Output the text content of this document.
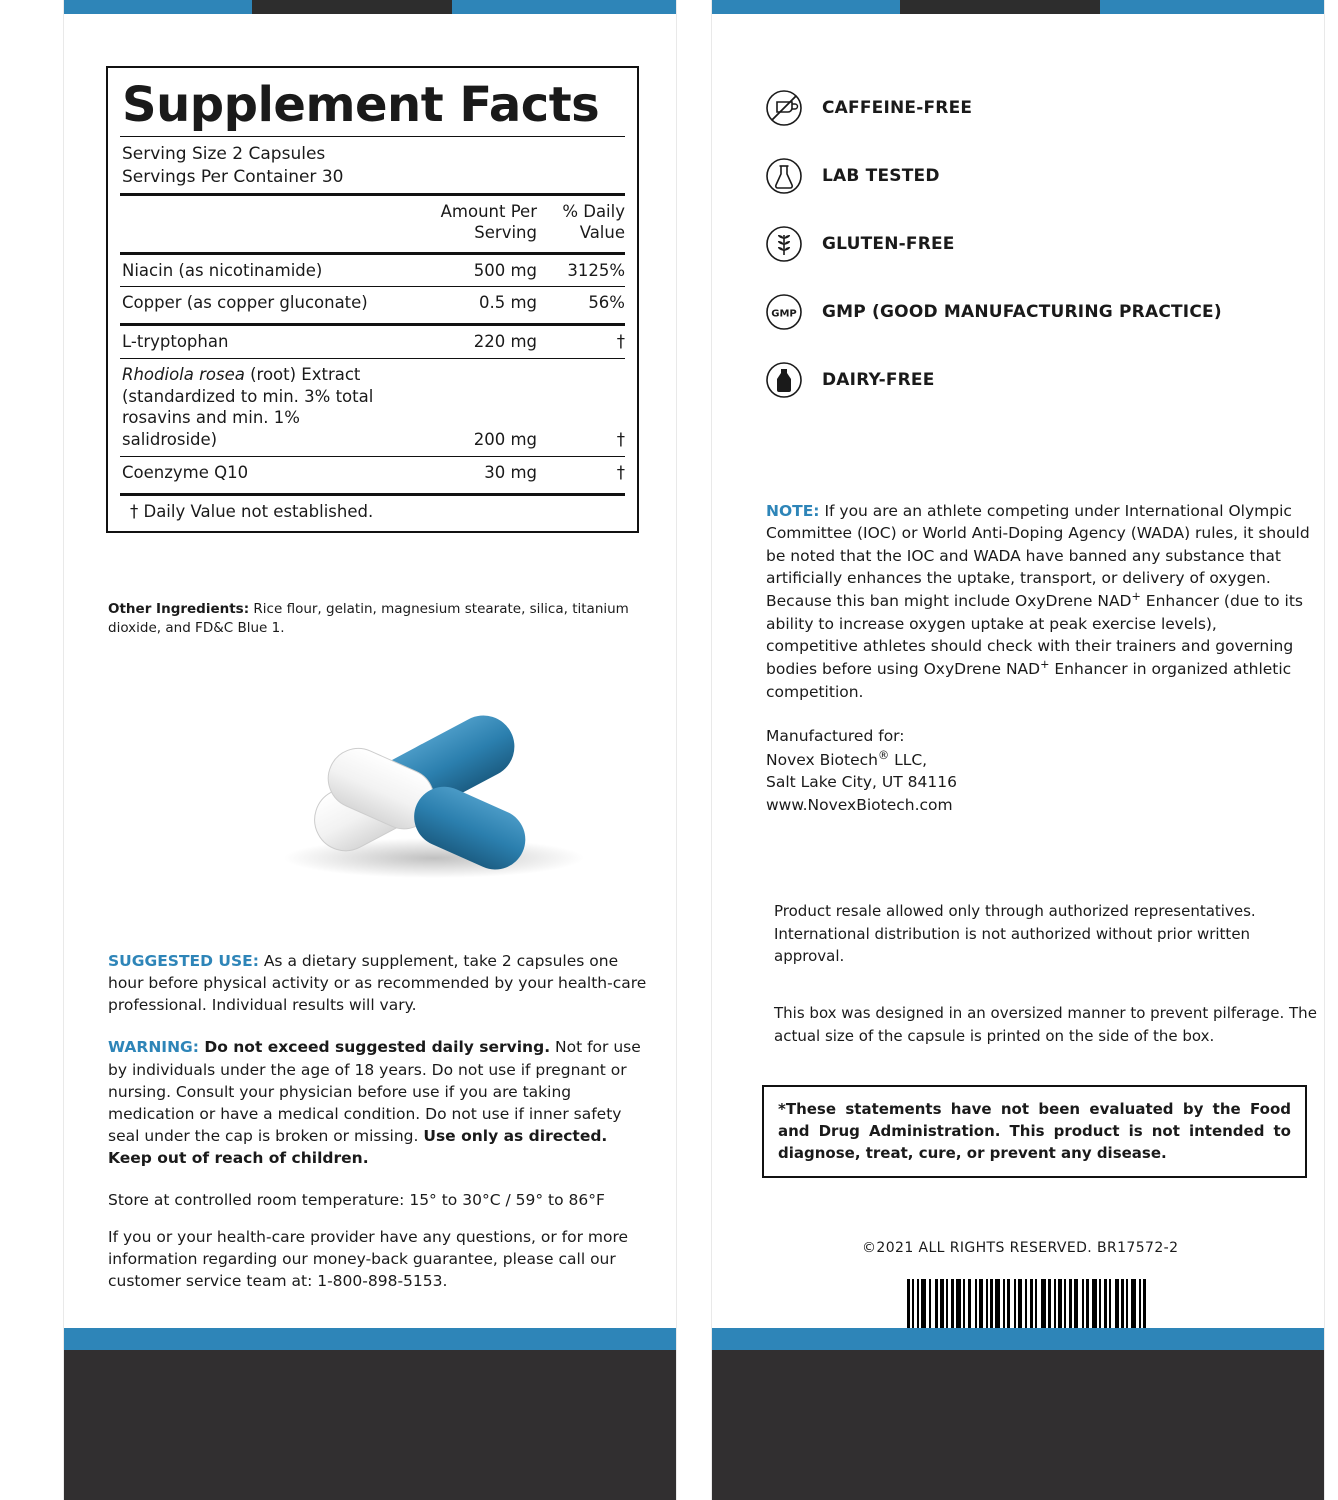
Supplement Facts
Serving Size 2 Capsules
Servings Per Container 30
Amount Per
Serving
% Daily
Value
Niacin (as nicotinamide)	500 mg	3125%
Copper (as copper gluconate)	0.5 mg	56%
L-tryptophan	220 mg	†
Rhodiola rosea (root) Extract
(standardized to min. 3% total
rosavins and min. 1% salidroside)	200 mg	†
Coenzyme Q10	30 mg	†
† Daily Value not established.
Other Ingredients: Rice flour, gelatin, magnesium stearate, silica, titanium dioxide, and FD&C Blue 1.

SUGGESTED USE: As a dietary supplement, take 2 capsules one hour before physical activity or as recommended by your health-care professional. Individual results will vary.

WARNING: Do not exceed suggested daily serving. Not for use by individuals under the age of 18 years. Do not use if pregnant or nursing. Consult your physician before use if you are taking medication or have a medical condition. Do not use if inner safety seal under the cap is broken or missing. Use only as directed. Keep out of reach of children.

Store at controlled room temperature: 15° to 30°C / 59° to 86°F

If you or your health-care provider have any questions, or for more information regarding our money-back guarantee, please call our customer service team at: 1-800-898-5153.

CAFFEINE-FREE
LAB TESTED
GLUTEN-FREE
GMP GMP (GOOD MANUFACTURING PRACTICE)
DAIRY-FREE

NOTE: If you are an athlete competing under International Olympic Committee (IOC) or World Anti-Doping Agency (WADA) rules, it should be noted that the IOC and WADA have banned any substance that artificially enhances the uptake, transport, or delivery of oxygen. Because this ban might include OxyDrene NAD+ Enhancer (due to its ability to increase oxygen uptake at peak exercise levels), competitive athletes should check with their trainers and governing bodies before using OxyDrene NAD+ Enhancer in organized athletic competition.

Manufactured for:
Novex Biotech® LLC,
Salt Lake City, UT 84116
www.NovexBiotech.com
Product resale allowed only through authorized representatives. International distribution is not authorized without prior written approval.
This box was designed in an oversized manner to prevent pilferage. The actual size of the capsule is printed on the side of the box.
*These statements have not been evaluated by the Food and Drug Administration. This product is not intended to diagnose, treat, cure, or prevent any disease.
©2021 ALL RIGHTS RESERVED. BR17572-2
